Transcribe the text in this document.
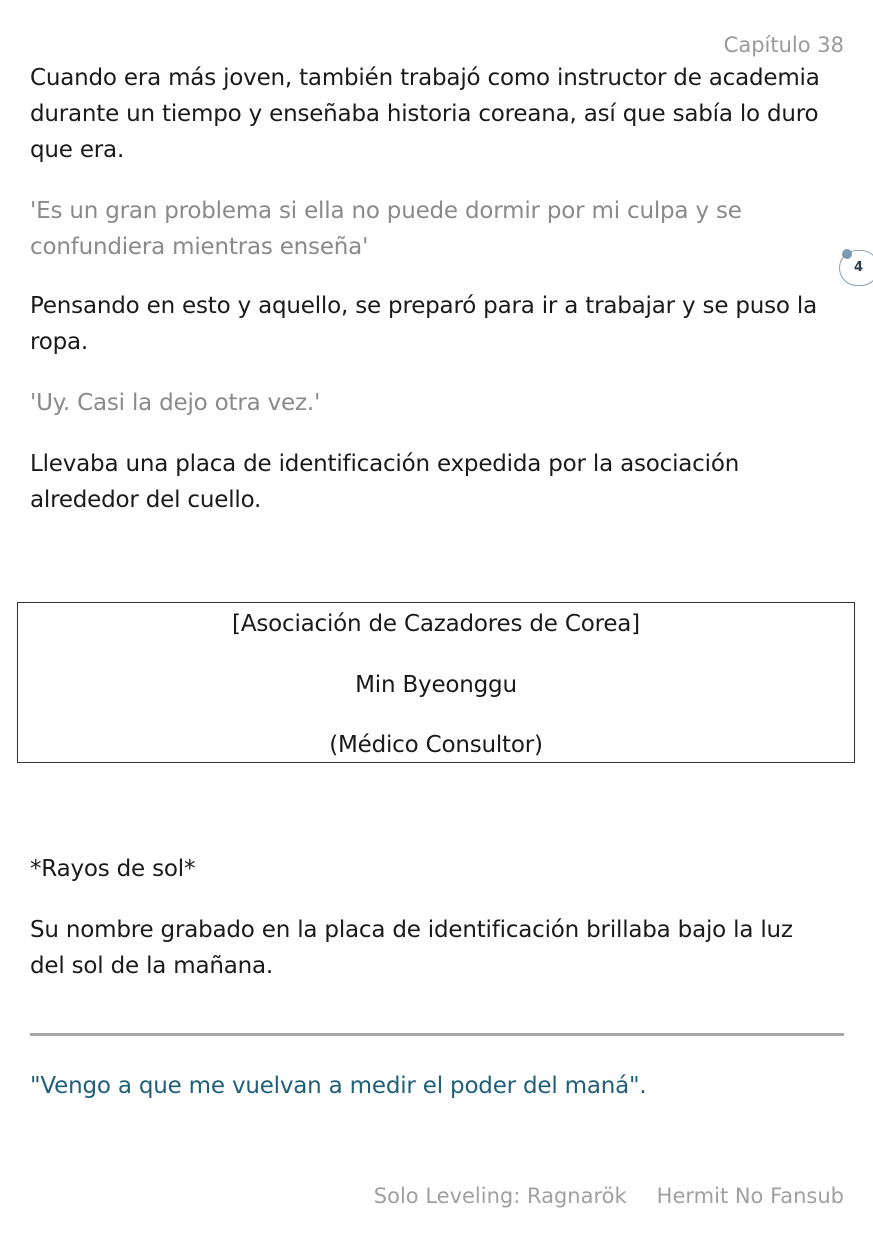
Capítulo 38

Cuando era más joven, también trabajó como instructor de academia durante un tiempo y enseñaba historia coreana, así que sabía lo duro que era.

'Es un gran problema si ella no puede dormir por mi culpa y se confundiera mientras enseña'

4

Pensando en esto y aquello, se preparó para ir a trabajar y se puso la ropa.

'Uy. Casi la dejo otra vez.'

Llevaba una placa de identificación expedida por la asociación alrededor del cuello.

[Asociación de Cazadores de Corea]
Min Byeonggu
(Médico Consultor)

*Rayos de sol*

Su nombre grabado en la placa de identificación brillaba bajo la luz del sol de la mañana.

"Vengo a que me vuelvan a medir el poder del maná".

Solo Leveling: Ragnarök Hermit No Fansub
